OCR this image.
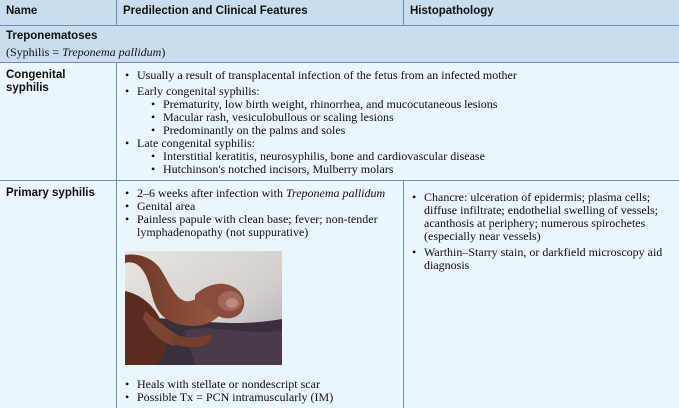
Name	Predilection and Clinical Features	Histopathology
Treponematoses
(Syphilis = Treponema pallidum)
Congenital
syphilis
• Usually a result of transplacental infection of the fetus from an infected mother
• Early congenital syphilis:
• Prematurity, low birth weight, rhinorrhea, and mucocutaneous lesions
• Macular rash, vesiculobullous or scaling lesions
• Predominantly on the palms and soles
• Late congenital syphilis:
• Interstitial keratitis, neurosyphilis, bone and cardiovascular disease
• Hutchinson's notched incisors, Mulberry molars
Primary syphilis
•	2–6 weeks after infection with Treponema pallidum
• Genital area
• Painless papule with clean base; fever; non-tender
lymphadenopathy (not suppurative)
• Heals with stellate or nondescript scar
• Possible Tx = PCN intramuscularly (IM)
• Chancre: ulceration of epidermis; plasma cells;
diffuse infiltrate; endothelial swelling of vessels;
acanthosis at periphery; numerous spirochetes
(especially near vessels)
• Warthin–Starry stain, or darkfield microscopy aid
diagnosis
